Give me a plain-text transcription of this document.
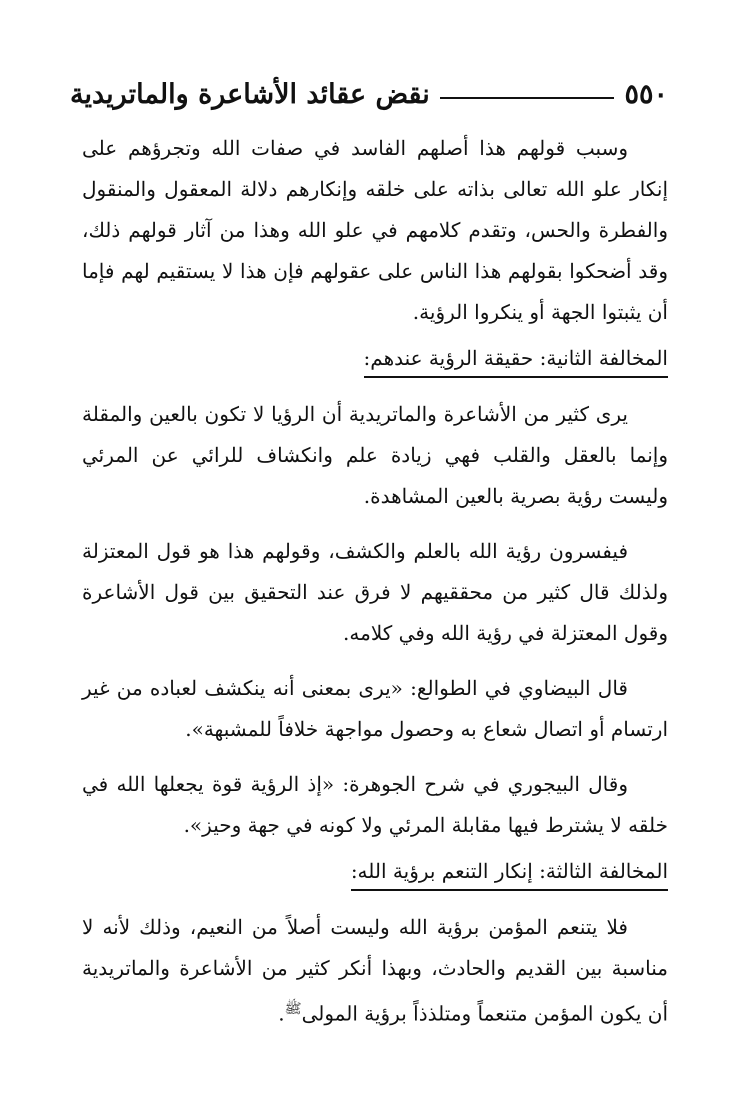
٥٥٠
نقض عقائد الأشاعرة والماتريدية

وسبب قولهم هذا أصلهم الفاسد في صفات الله وتجرؤهم على إنكار علو الله تعالى بذاته على خلقه وإنكارهم دلالة المعقول والمنقول والفطرة والحس، وتقدم كلامهم في علو الله وهذا من آثار قولهم ذلك، وقد أضحكوا بقولهم هذا الناس على عقولهم فإن هذا لا يستقيم لهم فإما أن يثبتوا الجهة أو ينكروا الرؤية.

المخالفة الثانية: حقيقة الرؤية عندهم:

يرى كثير من الأشاعرة والماتريدية أن الرؤيا لا تكون بالعين والمقلة وإنما بالعقل والقلب فهي زيادة علم وانكشاف للرائي عن المرئي وليست رؤية بصرية بالعين المشاهدة.

فيفسرون رؤية الله بالعلم والكشف، وقولهم هذا هو قول المعتزلة ولذلك قال كثير من محققيهم لا فرق عند التحقيق بين قول الأشاعرة وقول المعتزلة في رؤية الله وفي كلامه.

قال البيضاوي في الطوالع: «يرى بمعنى أنه ينكشف لعباده من غير ارتسام أو اتصال شعاع به وحصول مواجهة خلافاً للمشبهة».

وقال البيجوري في شرح الجوهرة: «إذ الرؤية قوة يجعلها الله في خلقه لا يشترط فيها مقابلة المرئي ولا كونه في جهة وحيز».

المخالفة الثالثة: إنكار التنعم برؤية الله:

فلا يتنعم المؤمن برؤية الله وليست أصلاً من النعيم، وذلك لأنه لا مناسبة بين القديم والحادث، وبهذا أنكر كثير من الأشاعرة والماتريدية أن يكون المؤمن متنعماً ومتلذذاً برؤية المولى$^ﷺ$.
